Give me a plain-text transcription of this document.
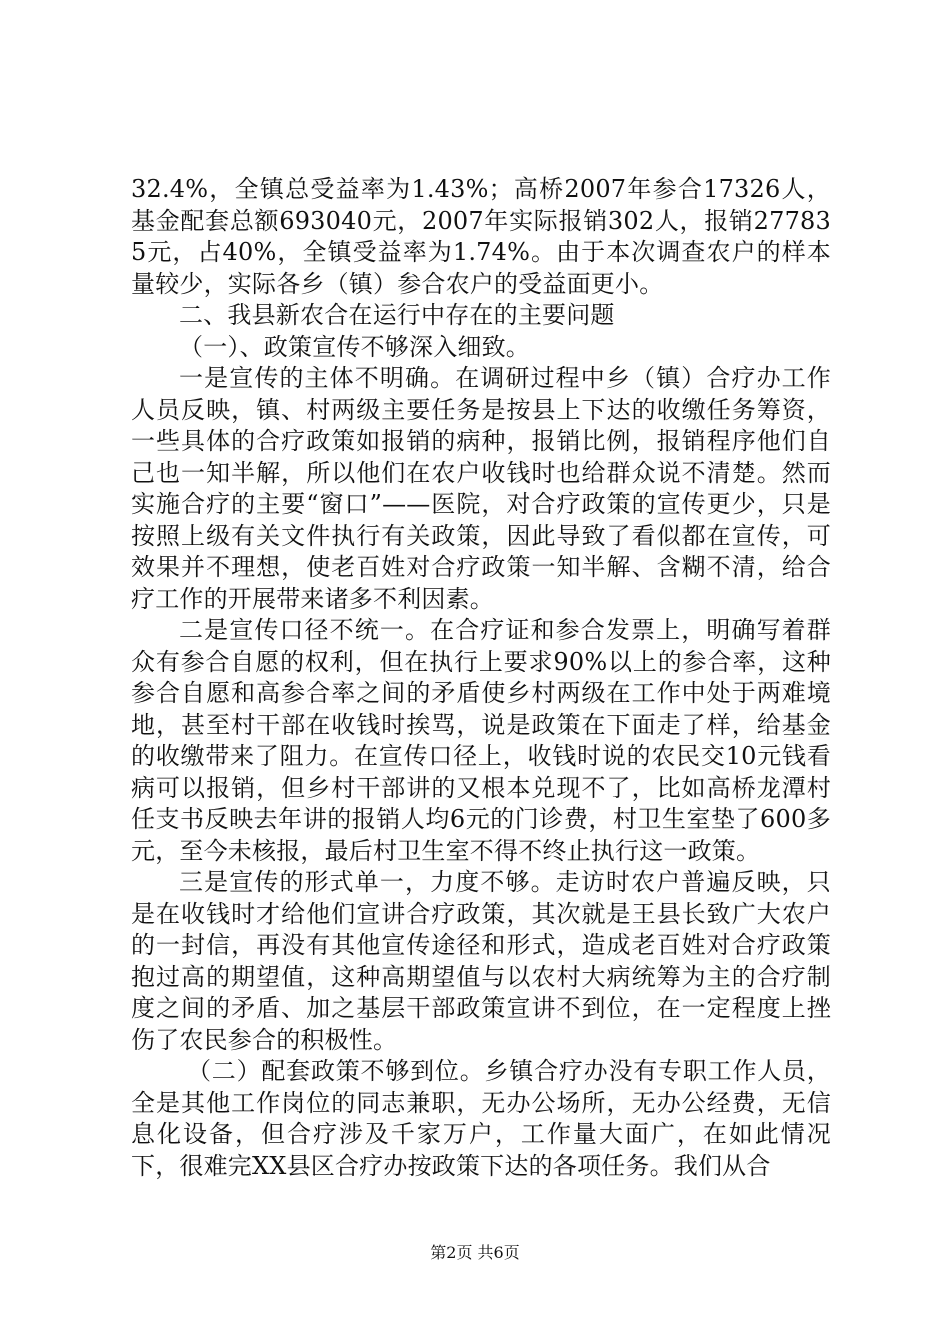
32.4%，全镇总受益率为1.43%；高桥2007年参合17326人，基金配套总额693040元，2007年实际报销302人，报销277835元，占40%，全镇受益率为1.74%。由于本次调查农户的样本量较少，实际各乡（镇）参合农户的受益面更小。

二、我县新农合在运行中存在的主要问题

（一）、政策宣传不够深入细致。

一是宣传的主体不明确。在调研过程中乡（镇）合疗办工作人员反映，镇、村两级主要任务是按县上下达的收缴任务筹资，一些具体的合疗政策如报销的病种，报销比例，报销程序他们自己也一知半解，所以他们在农户收钱时也给群众说不清楚。然而实施合疗的主要“窗口”——医院，对合疗政策的宣传更少，只是按照上级有关文件执行有关政策，因此导致了看似都在宣传，可效果并不理想，使老百姓对合疗政策一知半解、含糊不清，给合疗工作的开展带来诸多不利因素。

二是宣传口径不统一。在合疗证和参合发票上，明确写着群众有参合自愿的权利，但在执行上要求90%以上的参合率，这种参合自愿和高参合率之间的矛盾使乡村两级在工作中处于两难境地，甚至村干部在收钱时挨骂，说是政策在下面走了样，给基金的收缴带来了阻力。在宣传口径上，收钱时说的农民交10元钱看病可以报销，但乡村干部讲的又根本兑现不了，比如高桥龙潭村任支书反映去年讲的报销人均6元的门诊费，村卫生室垫了600多元，至今未核报，最后村卫生室不得不终止执行这一政策。

三是宣传的形式单一，力度不够。走访时农户普遍反映，只是在收钱时才给他们宣讲合疗政策，其次就是王县长致广大农户的一封信，再没有其他宣传途径和形式，造成老百姓对合疗政策抱过高的期望值，这种高期望值与以农村大病统筹为主的合疗制度之间的矛盾、加之基层干部政策宣讲不到位，在一定程度上挫伤了农民参合的积极性。

（二）配套政策不够到位。乡镇合疗办没有专职工作人员，全是其他工作岗位的同志兼职，无办公场所，无办公经费，无信息化设备，但合疗涉及千家万户，工作量大面广，在如此情况下，很难完XX县区合疗办按政策下达的各项任务。我们从合

第2页 共6页
